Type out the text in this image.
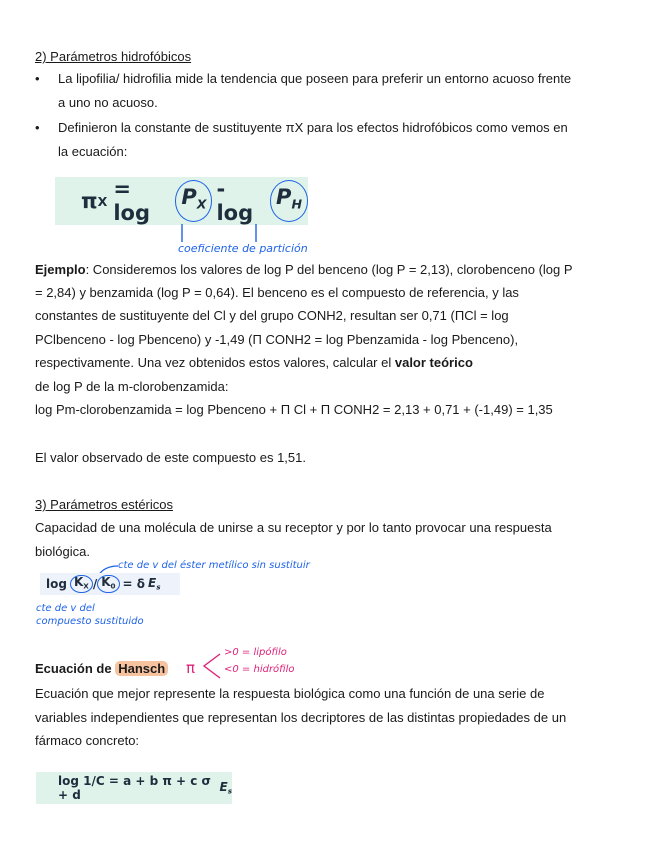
2) Parámetros hidrofóbicos
• La lipofilia/ hidrofilia mide la tendencia que poseen para preferir un entorno acuoso frente
a uno no acuoso.
• Definieron la constante de sustituyente πX para los efectos hidrofóbicos como vemos en
la ecuación:
π X = log
$P_X$
- log
$P_H$
coeficiente de partición
Ejemplo: Consideremos los valores de log P del benceno (log P = 2,13), clorobenceno (log P
= 2,84) y benzamida (log P = 0,64). El benceno es el compuesto de referencia, y las
constantes de sustituyente del Cl y del grupo CONH2, resultan ser 0,71 (ΠCl = log
PClbenceno - log Pbenceno) y -1,49 (Π CONH2 = log Pbenzamida - log Pbenceno),
respectivamente. Una vez obtenidos estos valores, calcular el valor teórico
de log P de la m-clorobenzamida:
log Pm-clorobenzamida = log Pbenceno + Π Cl + Π CONH2 = 2,13 + 0,71 + (-1,49) = 1,35
El valor observado de este compuesto es 1,51.
3) Parámetros estéricos
Capacidad de una molécula de unirse a su receptor y por lo tanto provocar una respuesta
biológica.
cte de v del éster metílico sin sustituir
$\log K_X / K_0 = \delta$ $E_s$
cte de v del
compuesto sustituido
Ecuación de Hansch π
>0 = lipófilo
<0 = hidrófilo
Ecuación que mejor represente la respuesta biológica como una función de una serie de
variables independientes que representan los decriptores de las distintas propiedades de un
fármaco concreto:
log 1/C = a + b π + c σ + d
$E_s$
